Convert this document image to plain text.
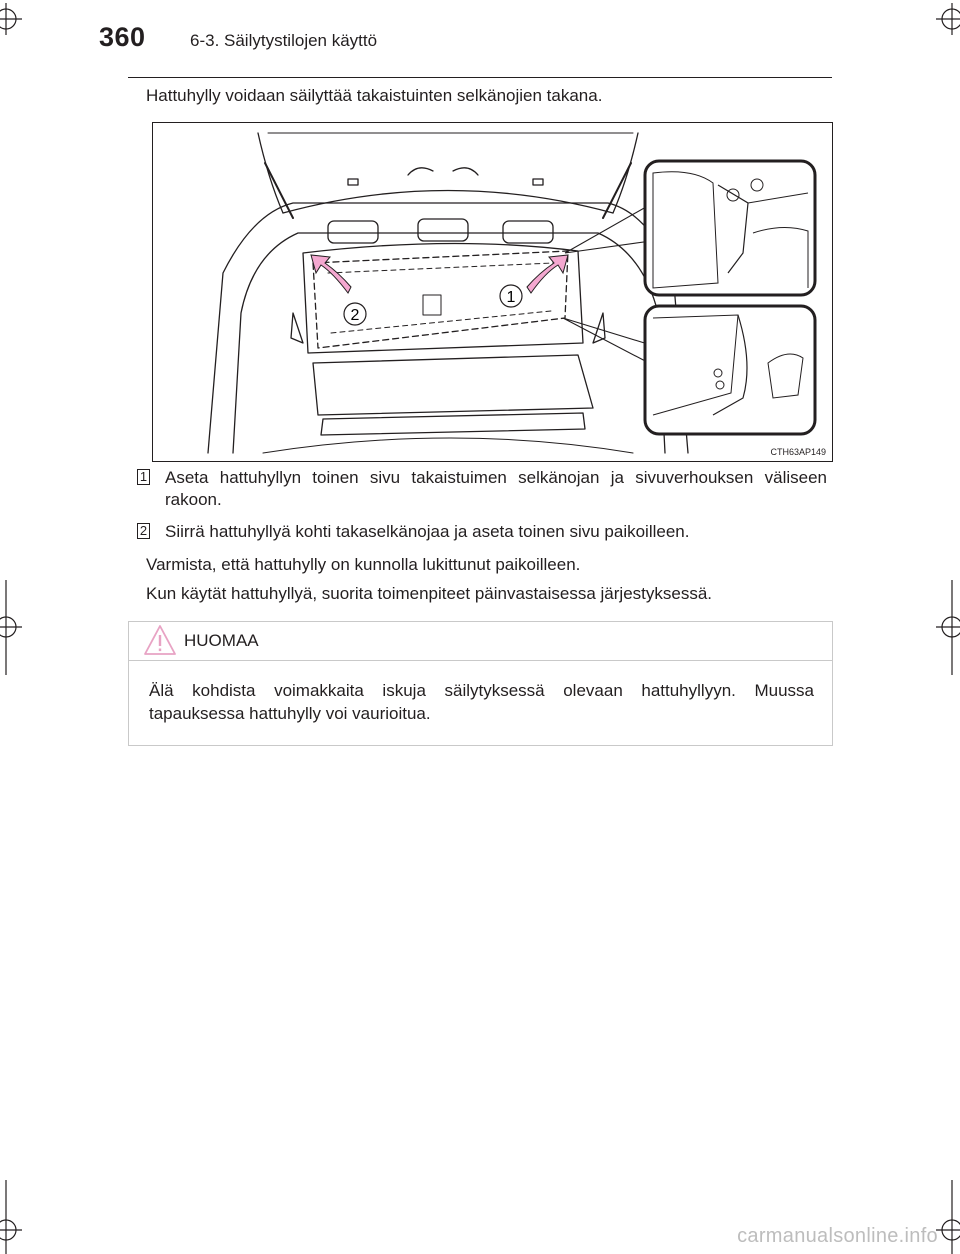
360	6-3. Säilytystilojen käyttö
Hattuhylly voidaan säilyttää takaistuinten selkänojien takana.
2
1
CTH63AP149
1 Aseta hattuhyllyn toinen sivu takaistuimen selkänojan ja sivuverhouksen väliseen rakoon.
2 Siirrä hattuhyllyä kohti takaselkänojaa ja aseta toinen sivu paikoilleen.
Varmista, että hattuhylly on kunnolla lukittunut paikoilleen.
Kun käytät hattuhyllyä, suorita toimenpiteet päinvastaisessa järjestyksessä.
HUOMAA
Älä kohdista voimakkaita iskuja säilytyksessä olevaan hattuhyllyyn. Muussa tapauksessa hattuhylly voi vaurioitua.
carmanualsonline.info
